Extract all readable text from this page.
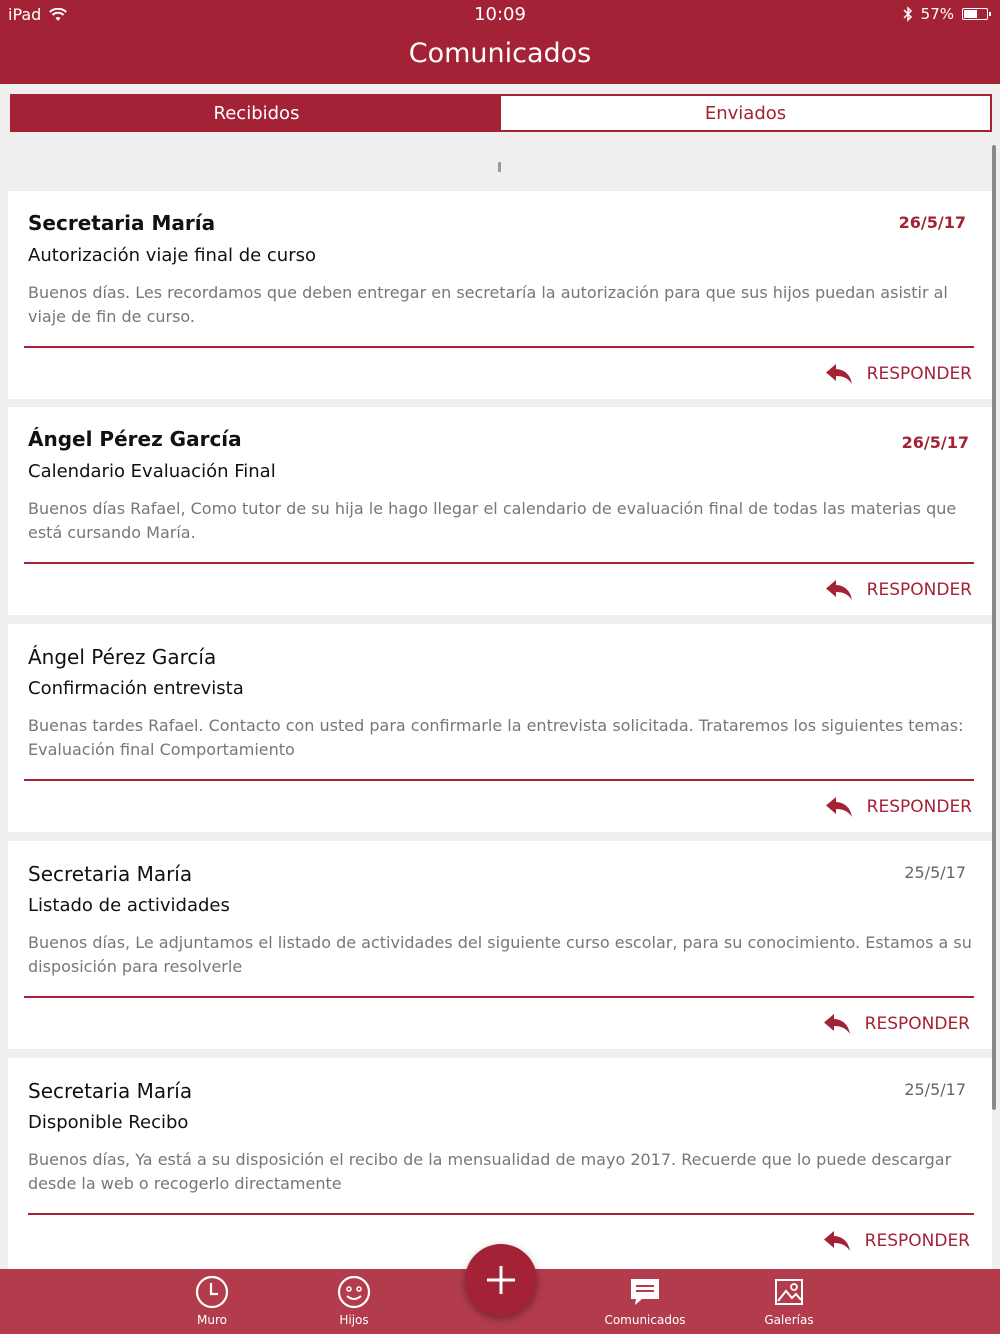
iPad	10:09	57%
Comunicados
Recibidos	Enviados
Secretaria María	26/5/17
Autorización viaje final de curso
Buenos días. Les recordamos que deben entregar en secretaría la autorización para que sus hijos puedan asistir al viaje de fin de curso.
RESPONDER
Ángel Pérez García	26/5/17
Calendario Evaluación Final
Buenos días Rafael, Como tutor de su hija le hago llegar el calendario de evaluación final de todas las materias que está cursando María.
RESPONDER
Ángel Pérez García
Confirmación entrevista
Buenas tardes Rafael. Contacto con usted para confirmarle la entrevista solicitada. Trataremos los siguientes temas: Evaluación final Comportamiento
RESPONDER
Secretaria María	25/5/17
Listado de actividades
Buenos días, Le adjuntamos el listado de actividades del siguiente curso escolar, para su conocimiento. Estamos a su disposición para resolverle
RESPONDER
Secretaria María	25/5/17
Disponible Recibo
Buenos días, Ya está a su disposición el recibo de la mensualidad de mayo 2017. Recuerde que lo puede descargar desde la web o recogerlo directamente
RESPONDER
Muro	Hijos	Comunicados	Galerías
